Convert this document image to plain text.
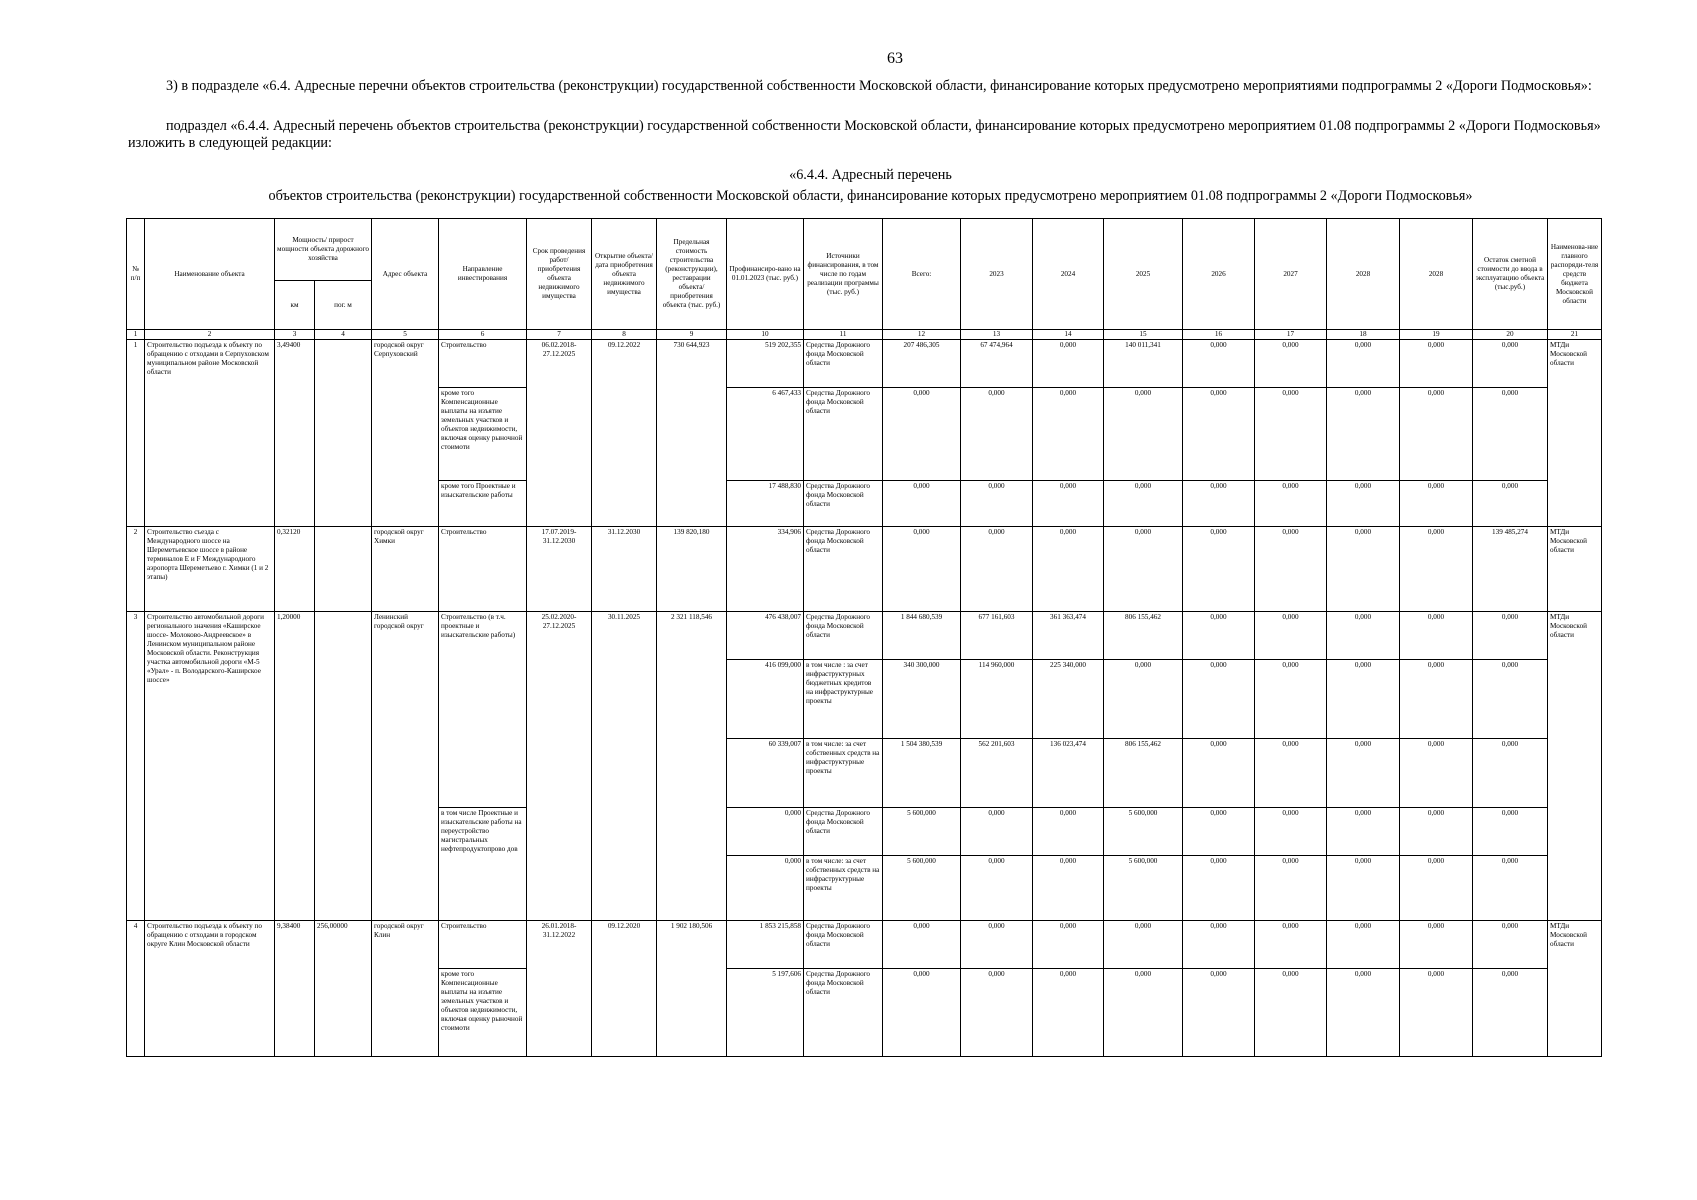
63
3) в подразделе «6.4. Адресные перечни объектов строительства (реконструкции) государственной собственности Московской области, финансирование которых предусмотрено мероприятиями подпрограммы 2 «Дороги Подмосковья»:
подраздел «6.4.4. Адресный перечень объектов строительства (реконструкции) государственной собственности Московской области, финансирование которых предусмотрено мероприятием 01.08 подпрограммы 2 «Дороги Подмосковья» изложить в следующей редакции:
«6.4.4. Адресный перечень
объектов строительства (реконструкции) государственной собственности Московской области, финансирование которых предусмотрено мероприятием 01.08 подпрограммы 2 «Дороги Подмосковья»
№ п/п	Наименование объекта	Мощность/ прирост мощности объекта дорожного хозяйства		Адрес объекта	Направление инвестирования	Срок проведения работ/ приобретения объекта недвижимого имущества	Открытие объекта/ дата приобретения объекта недвижимого имущества	Предельная стоимость строительства (реконструкции), реставрации объекта/ приобретения объекта (тыс. руб.)	Профинансиро-вано на 01.01.2023 (тыс. руб.)	Источники финансирования, в том числе по годам реализации программы (тыс. руб.)	Всего:	2023	2024	2025	2026	2027	2028	2028	Остаток сметной стоимости до ввода в эксплуатацию объекта (тыс.руб.)	Наименова-ние главного распоряди-теля средств бюджета Московской области
		км	пог. м																	
1	2	3	4	5	6	7	8	9	10	11	12	13	14	15	16	17	18	19	20	21
1	Строительство подъезда к объекту по обращению с отходами в Серпуховском муниципальном районе Московской области	3,49400		городской округ Серпуховский	Строительство	06.02.2018-27.12.2025	09.12.2022	730 644,923	519 202,355	Средства Дорожного фонда Московской области	207 486,305	67 474,964	0,000	140 011,341	0,000	0,000	0,000	0,000	0,000	МТДи Московской области
					кроме того Компенсационные выплаты на изъятие земельных участков и объектов недвижимости, включая оценку рыночной стоимоти				6 467,433	Средства Дорожного фонда Московской области	0,000	0,000	0,000	0,000	0,000	0,000	0,000	0,000	0,000	
					кроме того Проектные и изыскательские работы				17 488,830	Средства Дорожного фонда Московской области	0,000	0,000	0,000	0,000	0,000	0,000	0,000	0,000	0,000	
2	Строительство съезда с Международного шоссе на Шереметьевское шоссе в районе терминалов E и F Международного аэропорта Шереметьево г. Химки (1 и 2 этапы)	0,32120		городской округ Химки	Строительство	17.07.2019-31.12.2030	31.12.2030	139 820,180	334,906	Средства Дорожного фонда Московской области	0,000	0,000	0,000	0,000	0,000	0,000	0,000	0,000	139 485,274	МТДи Московской области
3	Строительство автомобильной дороги регионального значения «Каширское шоссе- Молоково-Андреевское» в Ленинском муниципальном районе Московской области. Реконструкция участка автомобильной дороги «М-5 «Урал» - п. Володарского-Каширское шоссе»	1,20000		Ленинский городской округ	Строительство (в т.ч. проектные и изыскательские работы)	25.02.2020-27.12.2025	30.11.2025	2 321 118,546	476 438,007	Средства Дорожного фонда Московской области	1 844 680,539	677 161,603	361 363,474	806 155,462	0,000	0,000	0,000	0,000	0,000	МТДи Московской области
									416 099,000	в том числе : за счет инфраструктурных бюджетных кредитов на инфраструктурные проекты	340 300,000	114 960,000	225 340,000	0,000	0,000	0,000	0,000	0,000	0,000	
									60 339,007	в том числе: за счет собственных средств на инфраструктурные проекты	1 504 380,539	562 201,603	136 023,474	806 155,462	0,000	0,000	0,000	0,000	0,000	
					в том числе Проектные и изыскательские работы на переустройство магистральных нефтепродуктопрово дов				0,000	Средства Дорожного фонда Московской области	5 600,000	0,000	0,000	5 600,000	0,000	0,000	0,000	0,000	0,000	
									0,000	в том числе: за счет собственных средств на инфраструктурные проекты	5 600,000	0,000	0,000	5 600,000	0,000	0,000	0,000	0,000	0,000	
4	Строительство подъезда к объекту по обращению с отходами в городском округе Клин Московской области	9,38400	256,00000	городской округ Клин	Строительство	26.01.2018-31.12.2022	09.12.2020	1 902 180,506	1 853 215,858	Средства Дорожного фонда Московской области	0,000	0,000	0,000	0,000	0,000	0,000	0,000	0,000	0,000	МТДи Московской области
					кроме того Компенсационные выплаты на изъятие земельных участков и объектов недвижимости, включая оценку рыночной стоимоти				5 197,606	Средства Дорожного фонда Московской области	0,000	0,000	0,000	0,000	0,000	0,000	0,000	0,000	0,000	
